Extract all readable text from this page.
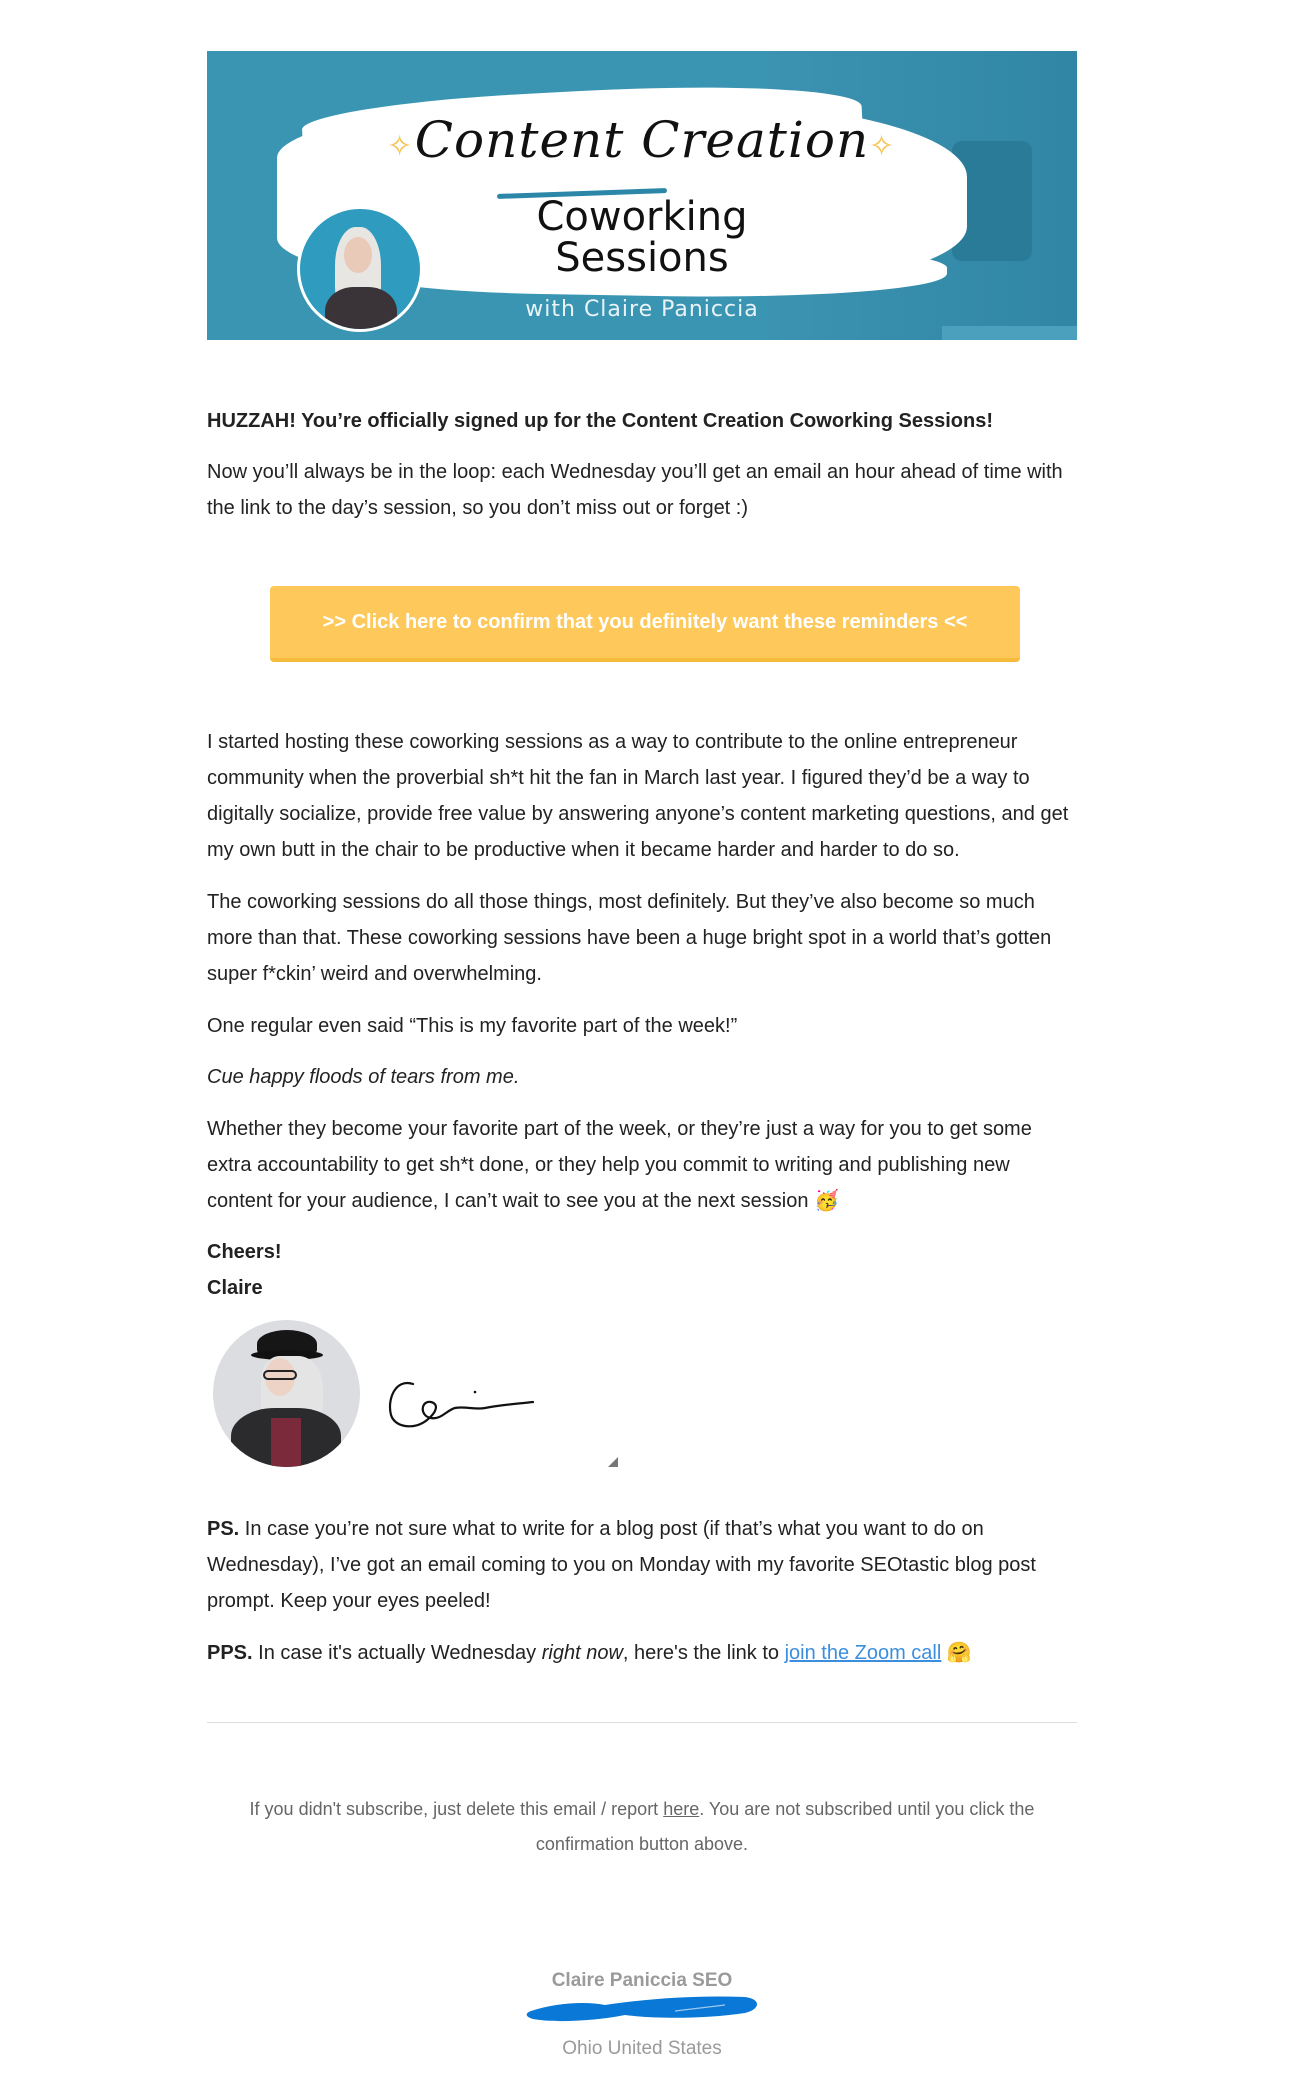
✧	✧
Content Creation
Coworking
Sessions
with Claire Paniccia

HUZZAH! You’re officially signed up for the Content Creation Coworking Sessions!

Now you’ll always be in the loop: each Wednesday you’ll get an email an hour ahead of time with the link to the day’s session, so you don’t miss out or forget :)

>> Click here to confirm that you definitely want these reminders <<

I started hosting these coworking sessions as a way to contribute to the online entrepreneur community when the proverbial sh*t hit the fan in March last year. I figured they’d be a way to digitally socialize, provide free value by answering anyone’s content marketing questions, and get my own butt in the chair to be productive when it became harder and harder to do so.

The coworking sessions do all those things, most definitely. But they’ve also become so much more than that. These coworking sessions have been a huge bright spot in a world that’s gotten super f*ckin’ weird and overwhelming.

One regular even said “This is my favorite part of the week!”

Cue happy floods of tears from me.

Whether they become your favorite part of the week, or they’re just a way for you to get some extra accountability to get sh*t done, or they help you commit to writing and publishing new content for your audience, I can’t wait to see you at the next session 🥳

Cheers!

Claire

PS. In case you’re not sure what to write for a blog post (if that’s what you want to do on Wednesday), I’ve got an email coming to you on Monday with my favorite SEOtastic blog post prompt. Keep your eyes peeled!

PPS. In case it's actually Wednesday right now, here's the link to join the Zoom call 🤗

If you didn't subscribe, just delete this email / report here. You are not subscribed until you click the confirmation button above.
Claire Paniccia SEO
Ohio United States
